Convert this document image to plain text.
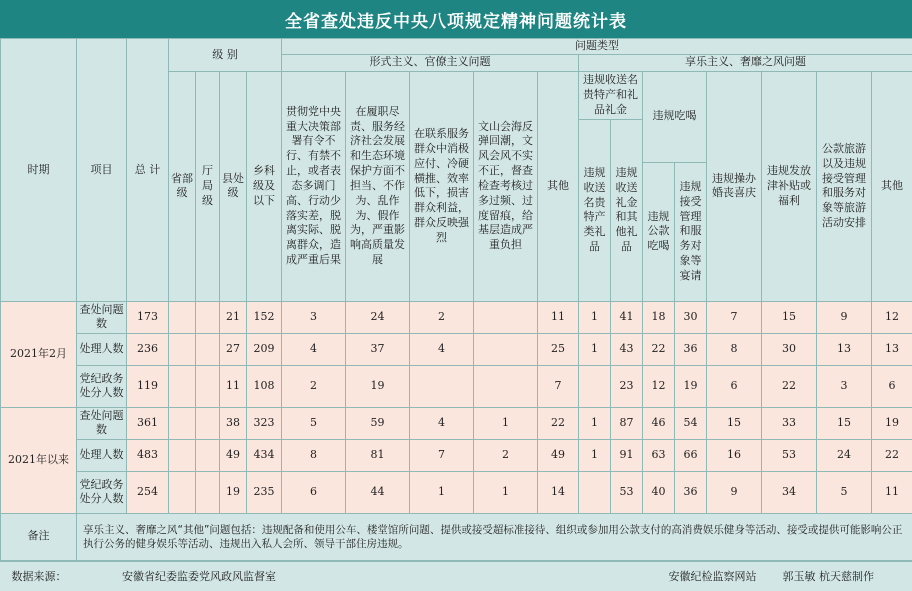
全省查处违反中央八项规定精神问题统计表
时期	项目	总 计	级 别				问题类型												
							形式主义、官僚主义问题					享乐主义、奢靡之风问题							
			省部级	厅局级	县处级	乡科级及以下	贯彻党中央重大决策部署有令不行、有禁不止，或者表态多调门高、行动少落实差，脱离实际、脱离群众，造成严重后果	在履职尽责、服务经济社会发展和生态环境保护方面不担当、不作为、乱作为、假作为，严重影响高质量发展	在联系服务群众中消极应付、冷硬横推、效率低下，损害群众利益，群众反映强烈	文山会海反弹回潮，文风会风不实不正，督查检查考核过多过频、过度留痕，给基层造成严重负担	其他	违规收送名贵特产和礼品礼金		违规吃喝		违规操办婚丧喜庆	违规发放津补贴或福利	公款旅游以及违规接受管理和服务对象等旅游活动安排	其他
												违规收送名贵特产类礼品	违规收送礼金和其他礼品						
														违规公款吃喝	违规接受管理和服务对象等宴请				
2021年2月	查处问题数	173			21	152	3	24	2		11	1	41	18	30	7	15	9	12
	处理人数	236			27	209	4	37	4		25	1	43	22	36	8	30	13	13
	党纪政务处分人数	119			11	108	2	19			7		23	12	19	6	22	3	6
2021年以来	查处问题数	361			38	323	5	59	4	1	22	1	87	46	54	15	33	15	19
	处理人数	483			49	434	8	81	7	2	49	1	91	63	66	16	53	24	22
	党纪政务处分人数	254			19	235	6	44	1	1	14		53	40	36	9	34	5	11
备注	享乐主义、奢靡之风“其他”问题包括：违规配备和使用公车、楼堂馆所问题、提供或接受超标准接待、组织或参加用公款支付的高消费娱乐健身等活动、接受或提供可能影响公正执行公务的健身娱乐等活动、违规出入私人会所、领导干部住房违规。																		
数据来源：	安徽省纪委监委党风政风监督室	安徽纪检监察网站 郭玉敏 杭天慈制作
